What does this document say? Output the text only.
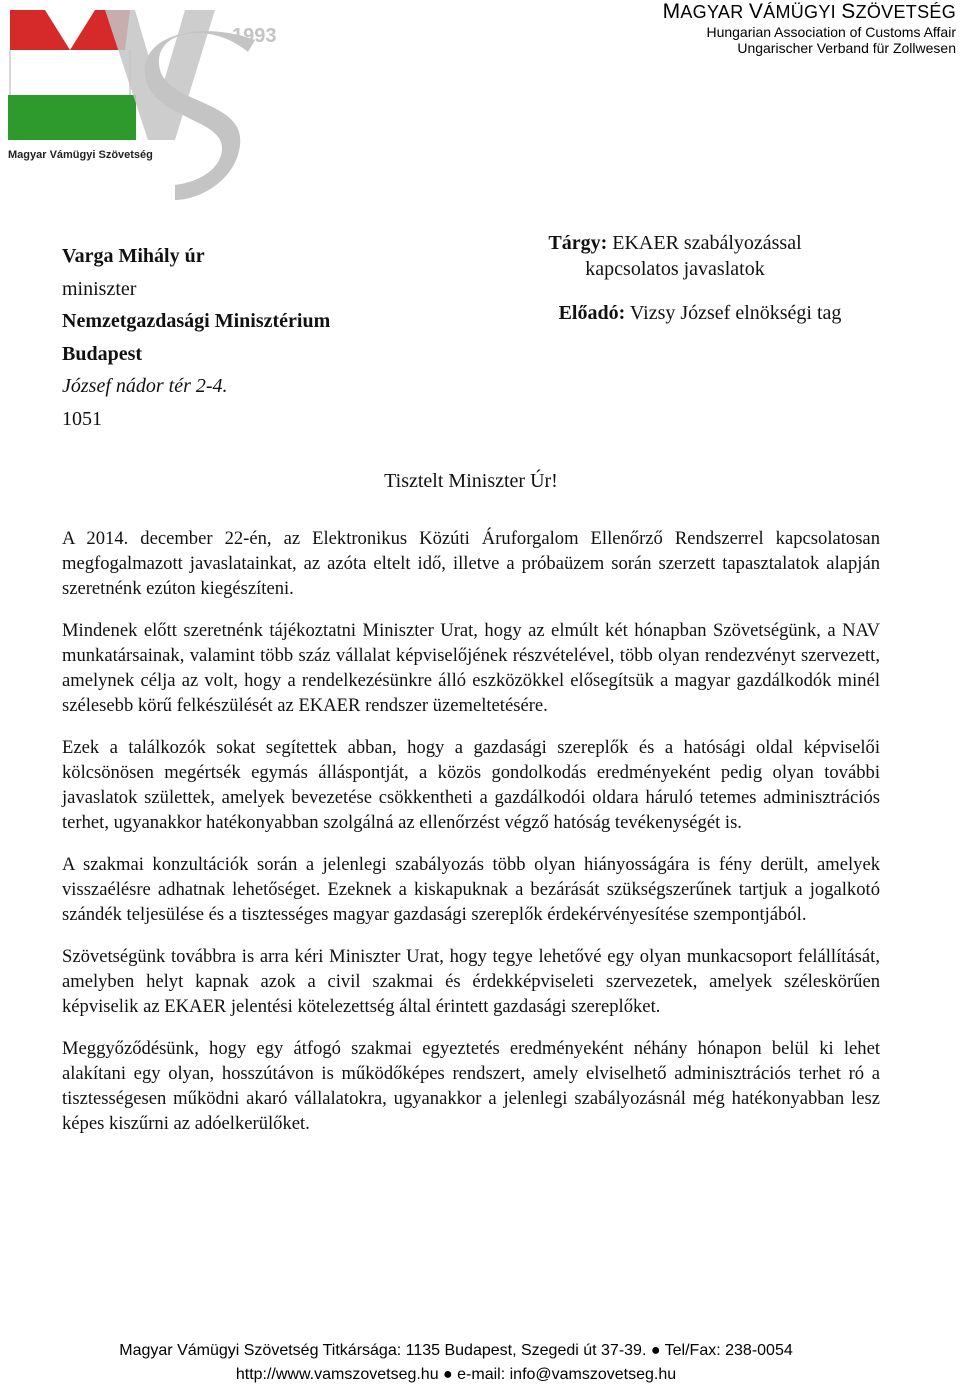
1993
Magyar Vámügyi Szövetség
MAGYAR VÁMÜGYI SZÖVETSÉG
Hungarian Association of Customs Affair
Ungarischer Verband für Zollwesen
Varga Mihály úr
miniszter
Nemzetgazdasági Minisztérium
Budapest
József nádor tér 2-4.
1051
Tárgy: EKAER szabályozással
kapcsolatos javaslatok
Előadó: Vizsy József elnökségi tag
Tisztelt Miniszter Úr!

A 2014. december 22-én, az Elektronikus Közúti Áruforgalom Ellenőrző Rendszerrel kapcsolatosan megfogalmazott javaslatainkat, az azóta eltelt idő, illetve a próbaüzem során szerzett tapasztalatok alapján szeretnénk ezúton kiegészíteni.

Mindenek előtt szeretnénk tájékoztatni Miniszter Urat, hogy az elmúlt két hónapban Szövetségünk, a NAV munkatársainak, valamint több száz vállalat képviselőjének részvételével, több olyan rendezvényt szervezett, amelynek célja az volt, hogy a rendelkezésünkre álló eszközökkel elősegítsük a magyar gazdálkodók minél szélesebb körű felkészülését az EKAER rendszer üzemeltetésére.

Ezek a találkozók sokat segítettek abban, hogy a gazdasági szereplők és a hatósági oldal képviselői kölcsönösen megértsék egymás álláspontját, a közös gondolkodás eredményeként pedig olyan további javaslatok születtek, amelyek bevezetése csökkentheti a gazdálkodói oldara háruló tetemes adminisztrációs terhet, ugyanakkor hatékonyabban szolgálná az ellenőrzést végző hatóság tevékenységét is.

A szakmai konzultációk során a jelenlegi szabályozás több olyan hiányosságára is fény derült, amelyek visszaélésre adhatnak lehetőséget. Ezeknek a kiskapuknak a bezárását szükségszerűnek tartjuk a jogalkotó szándék teljesülése és a tisztességes magyar gazdasági szereplők érdekérvényesítése szempontjából.

Szövetségünk továbbra is arra kéri Miniszter Urat, hogy tegye lehetővé egy olyan munkacsoport felállítását, amelyben helyt kapnak azok a civil szakmai és érdekképviseleti szervezetek, amelyek széleskörűen képviselik az EKAER jelentési kötelezettség által érintett gazdasági szereplőket.

Meggyőződésünk, hogy egy átfogó szakmai egyeztetés eredményeként néhány hónapon belül ki lehet alakítani egy olyan, hosszútávon is működőképes rendszert, amely elviselhető adminisztrációs terhet ró a tisztességesen működni akaró vállalatokra, ugyanakkor a jelenlegi szabályozásnál még hatékonyabban lesz képes kiszűrni az adóelkerülőket.

Magyar Vámügyi Szövetség Titkársága: 1135 Budapest, Szegedi út 37-39. ● Tel/Fax: 238-0054
http://www.vamszovetseg.hu ● e-mail: info@vamszovetseg.hu
